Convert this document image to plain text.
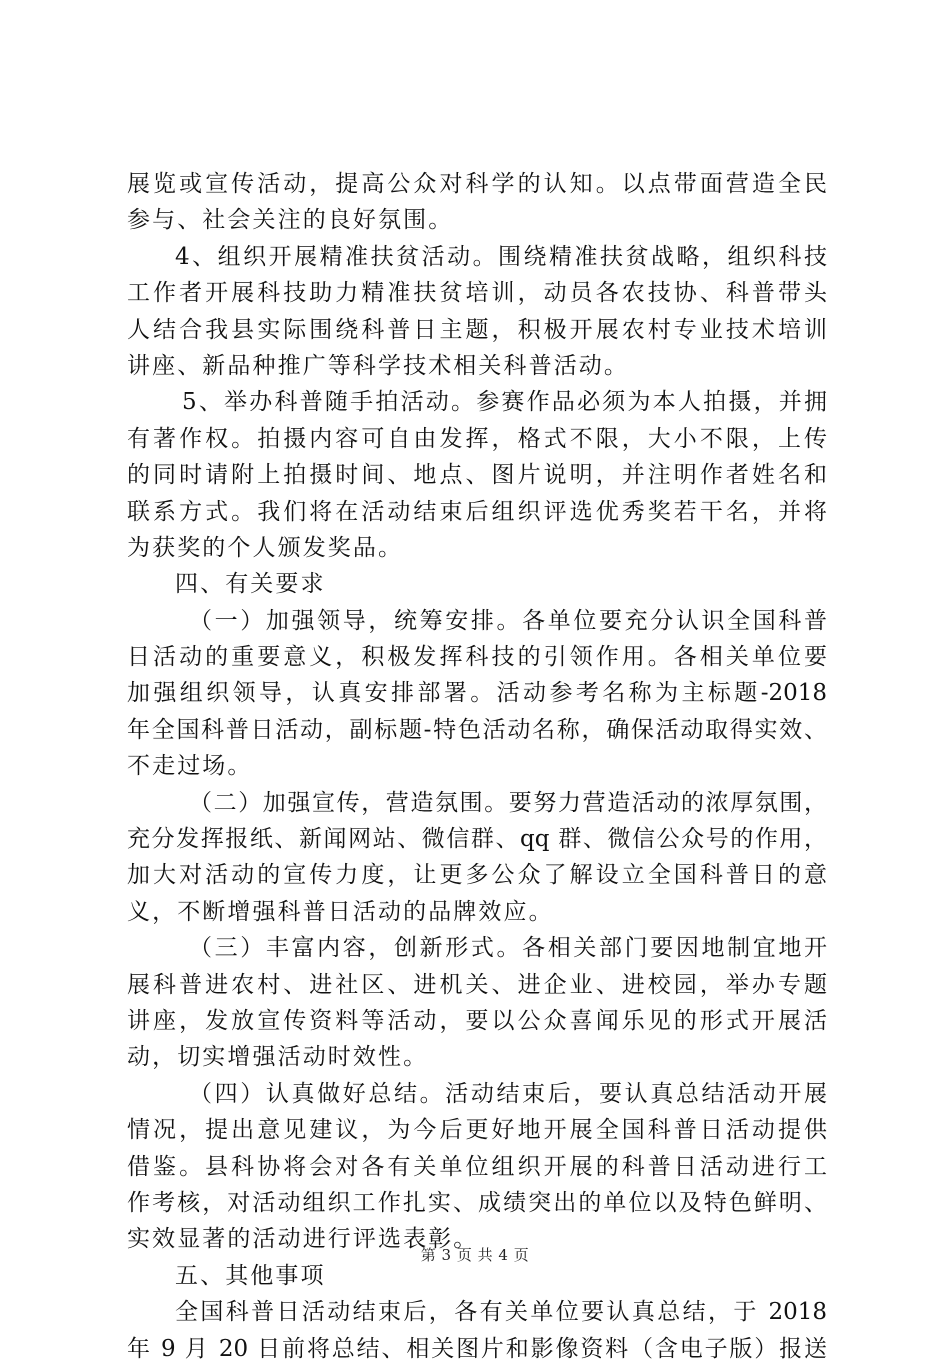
展览或宣传活动，提高公众对科学的认知。以点带面营造全民
参与、社会关注的良好氛围。
4、组织开展精准扶贫活动。围绕精准扶贫战略，组织科技
工作者开展科技助力精准扶贫培训，动员各农技协、科普带头
人结合我县实际围绕科普日主题，积极开展农村专业技术培训
讲座、新品种推广等科学技术相关科普活动。
5、举办科普随手拍活动。参赛作品必须为本人拍摄，并拥
有著作权。拍摄内容可自由发挥，格式不限，大小不限，上传
的同时请附上拍摄时间、地点、图片说明，并注明作者姓名和
联系方式。我们将在活动结束后组织评选优秀奖若干名，并将
为获奖的个人颁发奖品。
四、有关要求
（一）加强领导，统筹安排。各单位要充分认识全国科普
日活动的重要意义，积极发挥科技的引领作用。各相关单位要
加强组织领导，认真安排部署。活动参考名称为主标题-2018
年全国科普日活动，副标题-特色活动名称，确保活动取得实效、
不走过场。
（二）加强宣传，营造氛围。要努力营造活动的浓厚氛围，
充分发挥报纸、新闻网站、微信群、qq 群、微信公众号的作用，
加大对活动的宣传力度，让更多公众了解设立全国科普日的意
义，不断增强科普日活动的品牌效应。
（三）丰富内容，创新形式。各相关部门要因地制宜地开
展科普进农村、进社区、进机关、进企业、进校园，举办专题
讲座，发放宣传资料等活动，要以公众喜闻乐见的形式开展活
动，切实增强活动时效性。
（四）认真做好总结。活动结束后，要认真总结活动开展
情况，提出意见建议，为今后更好地开展全国科普日活动提供
借鉴。县科协将会对各有关单位组织开展的科普日活动进行工
作考核，对活动组织工作扎实、成绩突出的单位以及特色鲜明、
实效显著的活动进行评选表彰。
五、其他事项
全国科普日活动结束后，各有关单位要认真总结，于 2018
年 9 月 20 日前将总结、相关图片和影像资料（含电子版）报送
第 3 页 共 4 页
